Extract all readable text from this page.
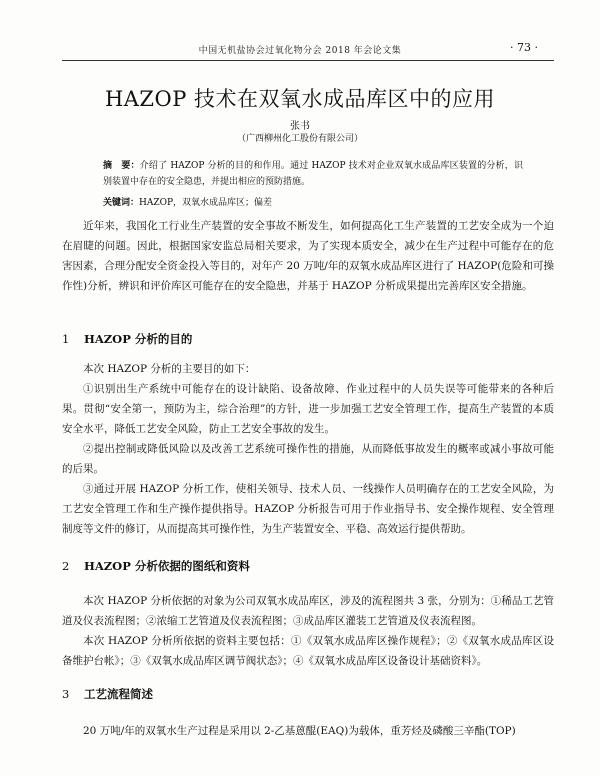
中国无机盐协会过氧化物分会 2018 年会论文集	· 73 ·
HAZOP 技术在双氧水成品库区中的应用
张书
（广西柳州化工股份有限公司）
摘　要：介绍了 HAZOP 分析的目的和作用。通过 HAZOP 技术对企业双氧水成品库区装置的分析，识别装置中存在的安全隐患，并提出相应的预防措施。
关键词：HAZOP，双氧水成品库区；偏差

近年来，我国化工行业生产装置的安全事故不断发生，如何提高化工生产装置的工艺安全成为一个迫在眉睫的问题。因此，根据国家安监总局相关要求，为了实现本质安全，减少在生产过程中可能存在的危害因素，合理分配安全资金投入等目的，对年产 20 万吨/年的双氧水成品库区进行了 HAZOP(危险和可操作性)分析，辨识和评价库区可能存在的安全隐患，并基于 HAZOP 分析成果提出完善库区安全措施。

1 HAZOP 分析的目的

本次 HAZOP 分析的主要目的如下：

①识别出生产系统中可能存在的设计缺陷、设备故障、作业过程中的人员失误等可能带来的各种后果。贯彻“安全第一，预防为主，综合治理”的方针，进一步加强工艺安全管理工作，提高生产装置的本质安全水平，降低工艺安全风险，防止工艺安全事故的发生。

②提出控制或降低风险以及改善工艺系统可操作性的措施，从而降低事故发生的概率或减小事故可能的后果。

③通过开展 HAZOP 分析工作，使相关领导、技术人员、一线操作人员明确存在的工艺安全风险，为工艺安全管理工作和生产操作提供指导。HAZOP 分析报告可用于作业指导书、安全操作规程、安全管理制度等文件的修订，从而提高其可操作性，为生产装置安全、平稳、高效运行提供帮助。

2 HAZOP 分析依据的图纸和资料

本次 HAZOP 分析依据的对象为公司双氧水成品库区，涉及的流程图共 3 张，分别为：①稀品工艺管道及仪表流程图；②浓缩工艺管道及仪表流程图；③成品库区灌装工艺管道及仪表流程图。

本次 HAZOP 分析所依据的资料主要包括：①《双氧水成品库区操作规程》；②《双氧水成品库区设备维护台帐》；③《双氧水成品库区调节阀状态》；④《双氧水成品库区设备设计基础资料》。

3 工艺流程简述

20 万吨/年的双氧水生产过程是采用以 2-乙基蒽醌(EAQ)为载体，重芳烃及磷酸三辛酯(TOP)
